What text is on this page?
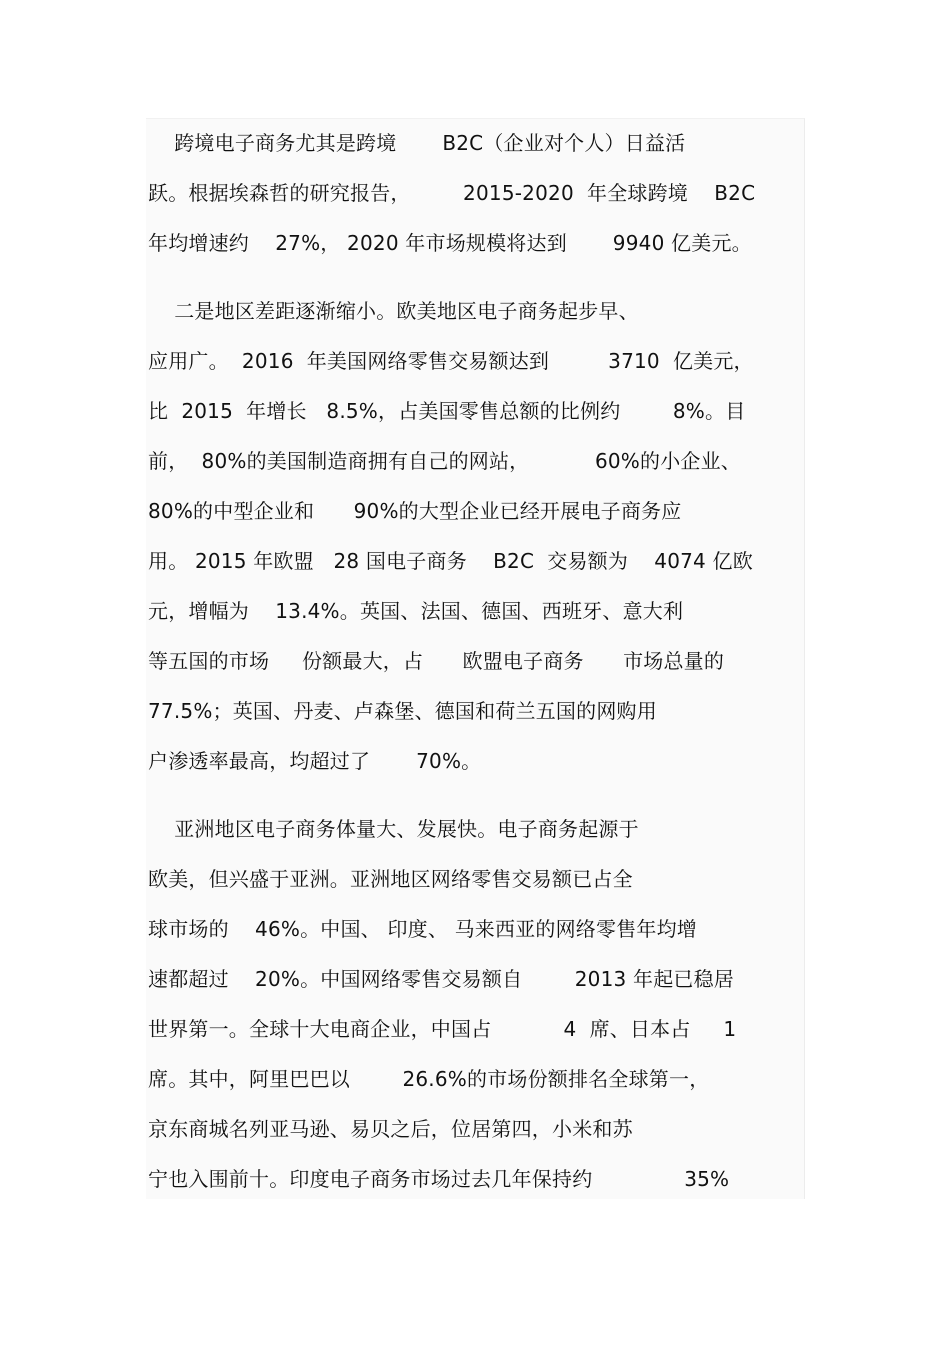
跨境电子商务尤其是跨境       B2C（企业对个人）日益活
跃。根据埃森哲的研究报告，        2015-2020  年全球跨境    B2C
年均增速约    27%， 2020 年市场规模将达到       9940 亿美元。
二是地区差距逐渐缩小。欧美地区电子商务起步早、
应用广。  2016  年美国网络零售交易额达到         3710  亿美元，
比  2015  年增长   8.5%，占美国零售总额的比例约        8%。目
前，  80%的美国制造商拥有自己的网站，          60%的小企业、
80%的中型企业和      90%的大型企业已经开展电子商务应
用。 2015 年欧盟   28 国电子商务    B2C  交易额为    4074 亿欧
元，增幅为    13.4%。英国、法国、德国、西班牙、意大利
等五国的市场     份额最大，占      欧盟电子商务      市场总量的
77.5%；英国、丹麦、卢森堡、德国和荷兰五国的网购用
户渗透率最高，均超过了       70%。
亚洲地区电子商务体量大、发展快。电子商务起源于
欧美，但兴盛于亚洲。亚洲地区网络零售交易额已占全
球市场的    46%。中国、 印度、 马来西亚的网络零售年均增
速都超过    20%。中国网络零售交易额自        2013 年起已稳居
世界第一。全球十大电商企业，中国占           4  席、日本占     1
席。其中，阿里巴巴以        26.6%的市场份额排名全球第一，
京东商城名列亚马逊、易贝之后，位居第四，小米和苏
宁也入围前十。印度电子商务市场过去几年保持约              35%
